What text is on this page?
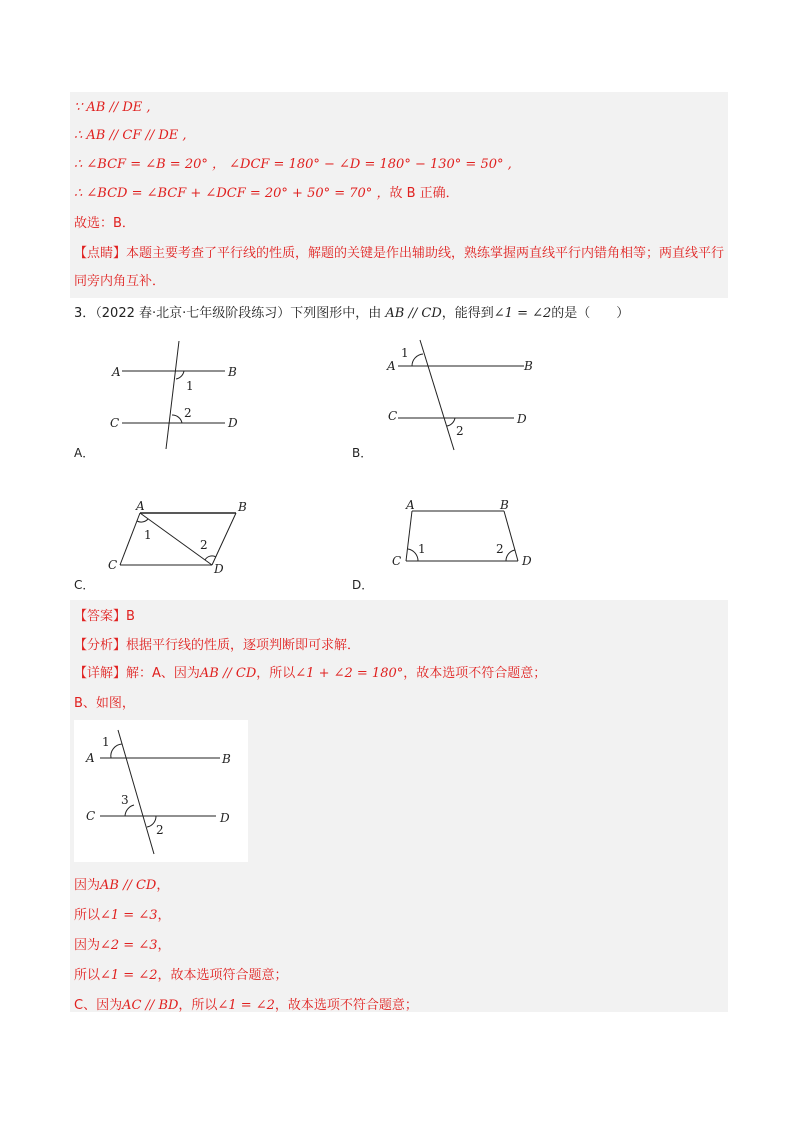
∵ AB // DE ,
∴ AB // CF // DE ,
∴ ∠BCF = ∠B = 20° ， ∠DCF = 180° − ∠D = 180° − 130° = 50° ,
∴ ∠BCD = ∠BCF + ∠DCF = 20° + 50° = 70° ，故 B 正确．
故选：B．
【点睛】本题主要考查了平行线的性质，解题的关键是作出辅助线，熟练掌握两直线平行内错角相等；两直线平行同旁内角互补．
3．（2022 春·北京·七年级阶段练习）下列图形中，由 AB // CD，能得到∠1 = ∠2的是（　　）
A	B
C	D
1
2
A．
A	B
C	D
1
2
B．
A	B
C	D
1
2
C．
A	B
C	D
1	2
D．
【答案】B
【分析】根据平行线的性质，逐项判断即可求解．
【详解】解：A、因为AB // CD，所以∠1 + ∠2 = 180°，故本选项不符合题意；
B、如图，
A	B
C	D
1
3
2
因为AB // CD，
所以∠1 = ∠3，
因为∠2 = ∠3，
所以∠1 = ∠2，故本选项符合题意；
C、因为AC // BD，所以∠1 = ∠2，故本选项不符合题意；
